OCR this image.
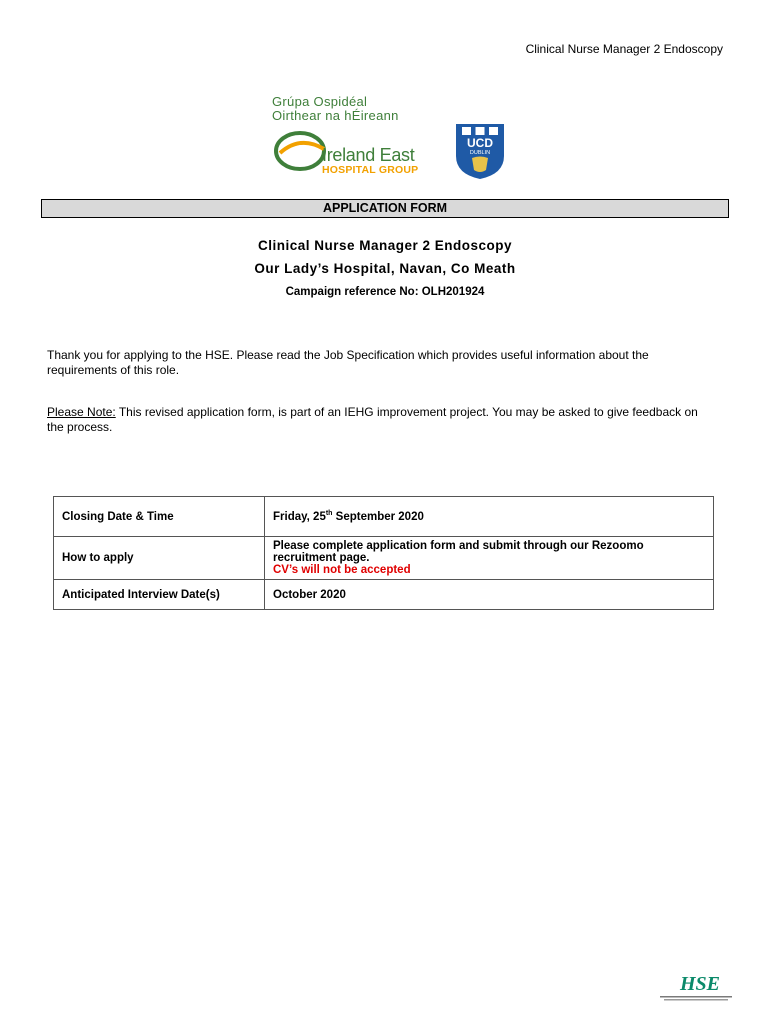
Clinical Nurse Manager 2 Endoscopy
Grúpa Ospidéal
Oirthear na hÉireann
Ireland East
HOSPITAL GROUP
UCD
DUBLIN
APPLICATION FORM
Clinical Nurse Manager 2 Endoscopy
Our Lady’s Hospital, Navan, Co Meath
Campaign reference No: OLH201924
Thank you for applying to the HSE. Please read the Job Specification which provides useful information about the requirements of this role.
Please Note: This revised application form, is part of an IEHG improvement project. You may be asked to give feedback on the process.
Closing Date & Time	Friday, 25th September 2020
How to apply	Please complete application form and submit through our Rezoomo recruitment page.
CV’s will not be accepted

Anticipated Interview Date(s)	October 2020
HSE
